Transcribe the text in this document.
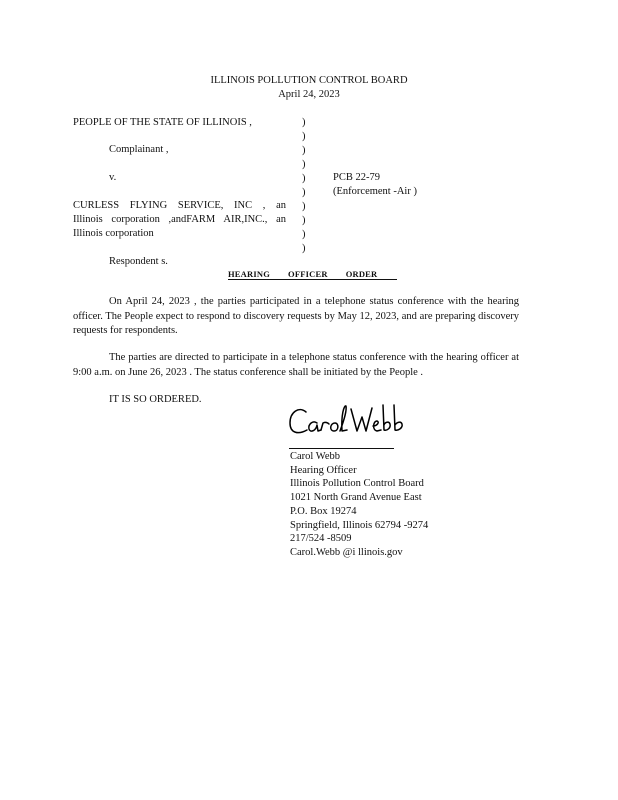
ILLINOIS POLLUTION CONTROL BOARD
April 24, 2023
PEOPLE OF THE STATE OF ILLINOIS ,
Complainant ,
v.
CURLESS FLYING SERVICE, INC , an
Illinois corporation ,andFARM AIR,INC., an
Illinois corporation
Respondent s.
)
)
)
)
)
)
)
)
)
)
PCB 22-79
(Enforcement -Air )
HEARING OFFICER ORDER
On April 24, 2023 , the parties participated in a telephone status conference with the hearing officer. The People expect to respond to discovery requests by May 12, 2023, and are preparing discovery requests for respondents.
The parties are directed to participate in a telephone status conference with the hearing officer at 9:00 a.m. on June 26, 2023 . The status conference shall be initiated by the People .
IT IS SO ORDERED.
Carol Webb
Hearing Officer
Illinois Pollution Control Board
1021 North Grand Avenue East
P.O. Box 19274
Springfield, Illinois 62794 -9274
217/524 -8509
Carol.Webb @i llinois.gov
